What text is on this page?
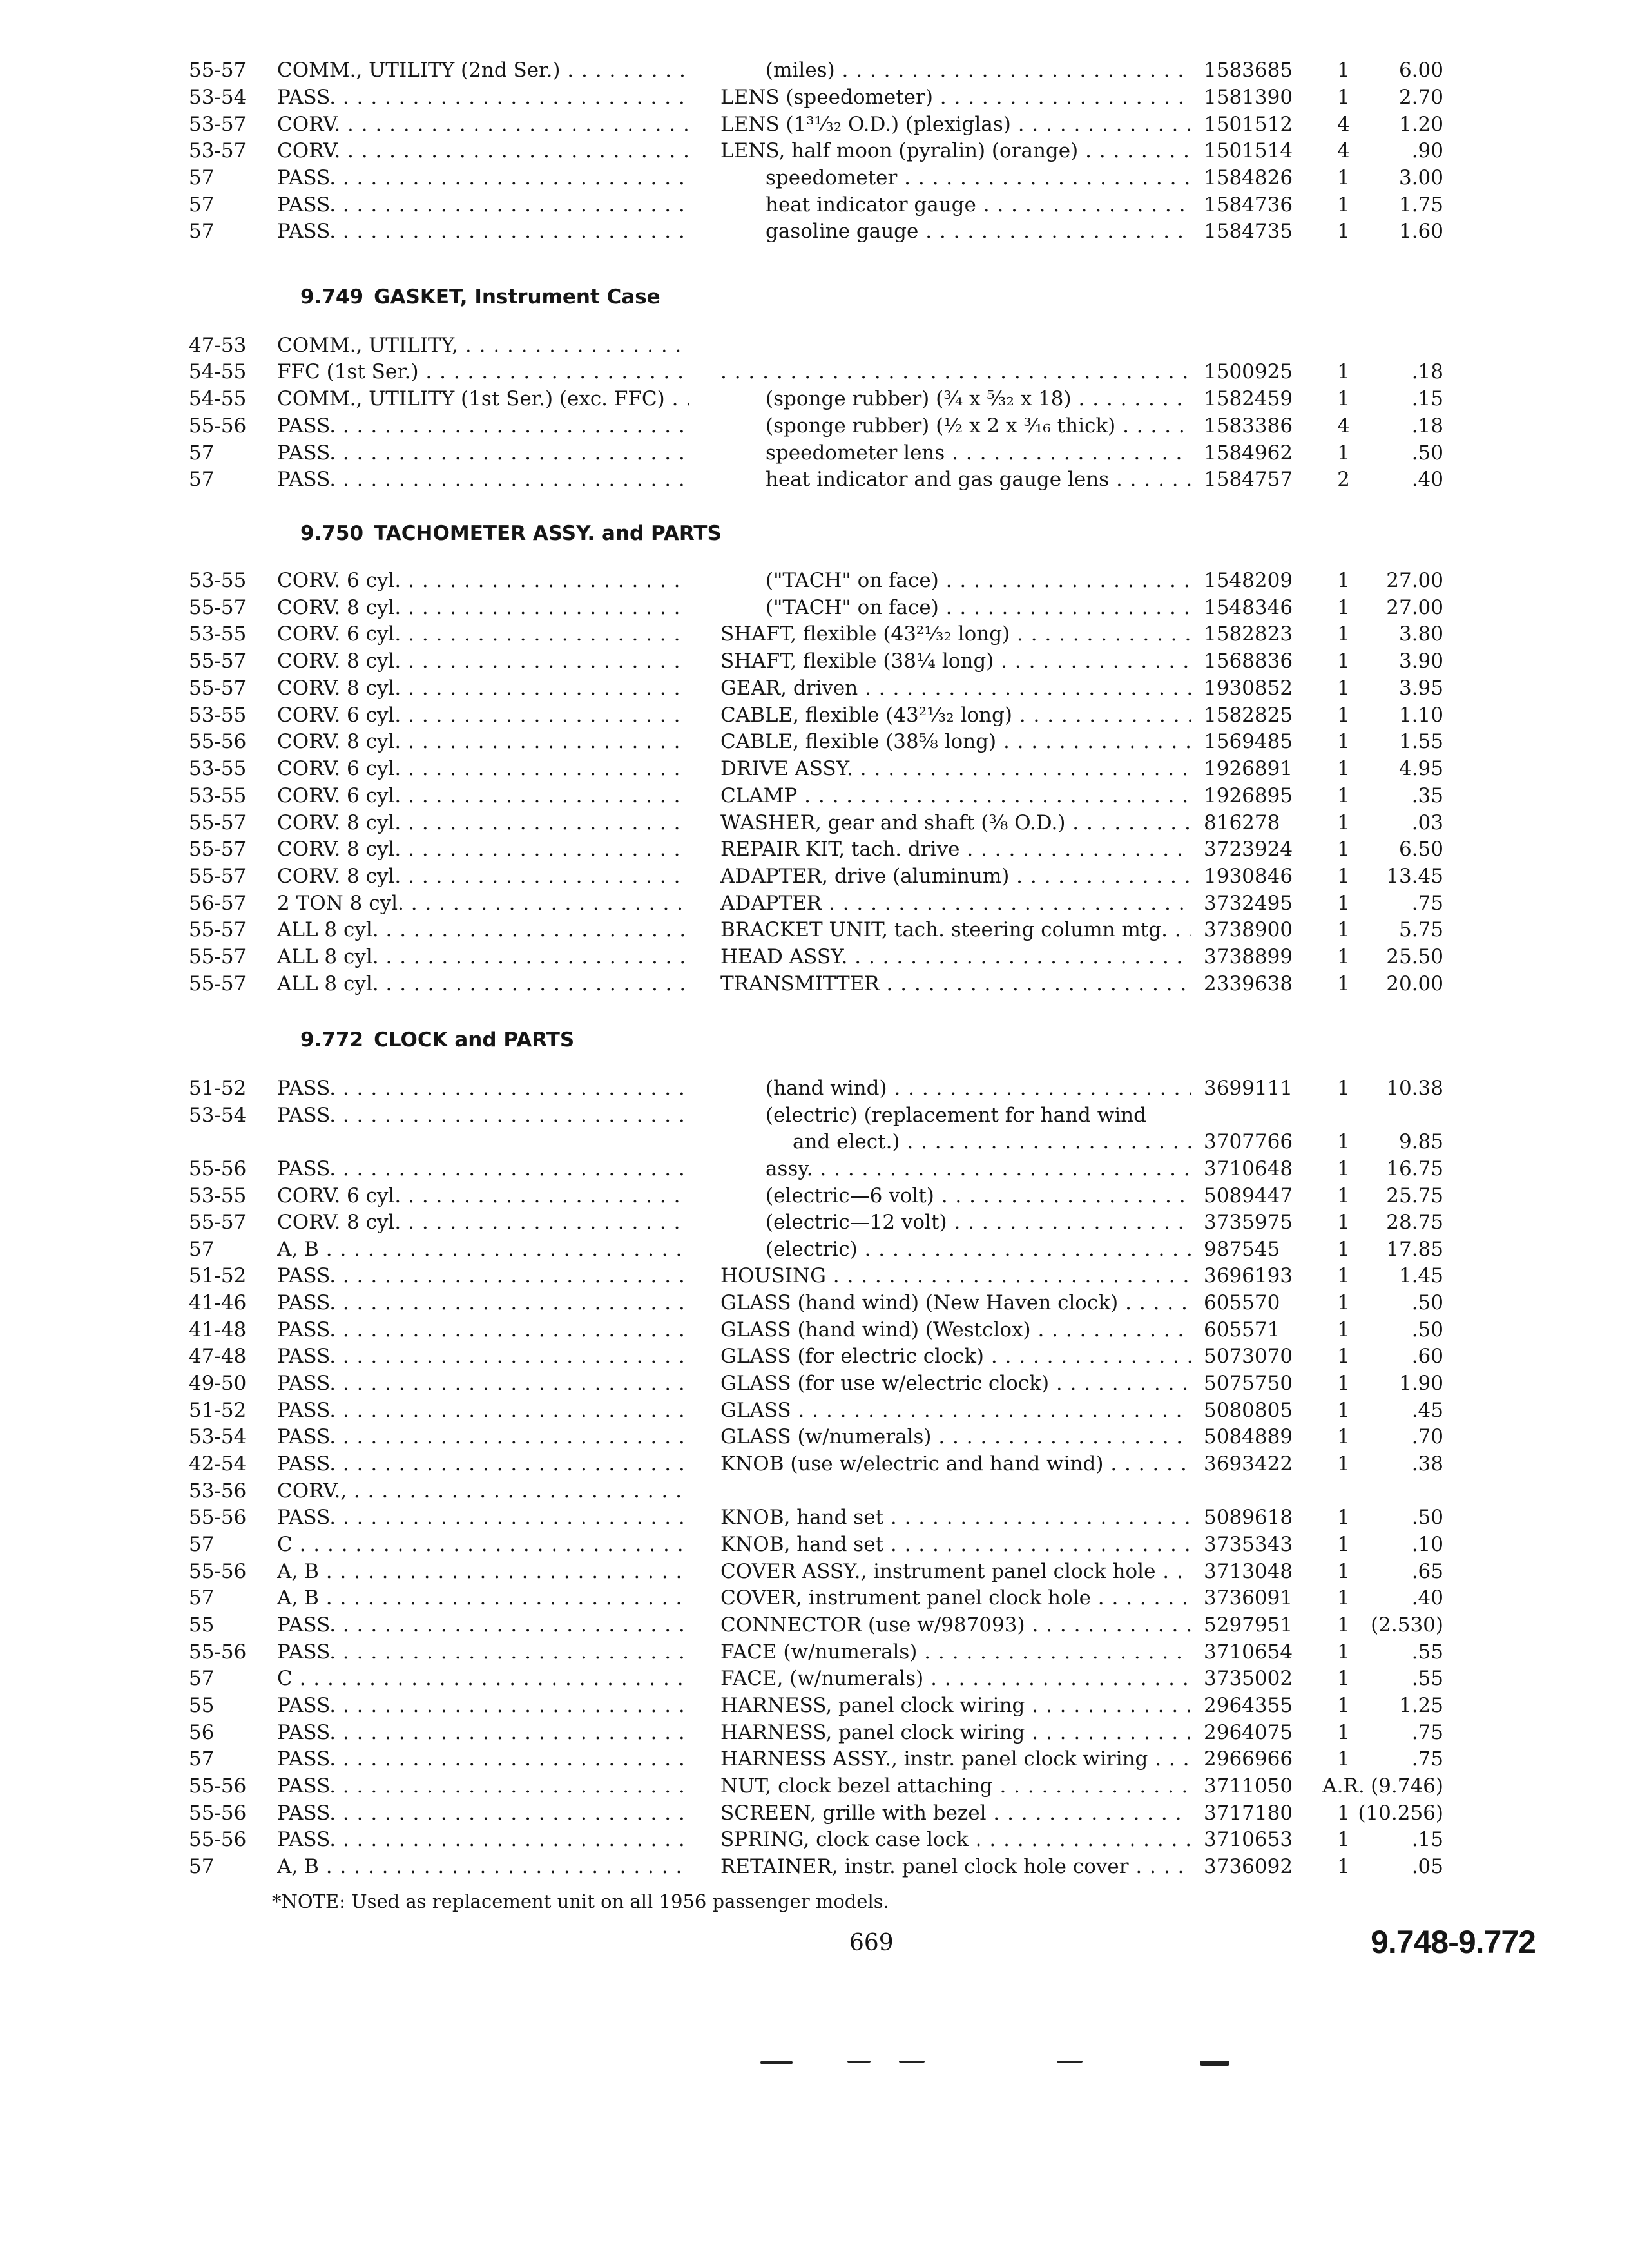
55-57	COMM., UTILITY (2nd Ser.) . . .	(miles) . . .	1583685	1	6.00
53-54	PASS. . . .	LENS (speedometer) . . .	1581390	1	2.70
53-57	CORV. . . .	LENS (1³¹⁄₃₂ O.D.) (plexiglas) . . .	1501512	4	1.20
53-57	CORV. . . .	LENS, half moon (pyralin) (orange) . . .	1501514	4	.90
57	PASS. . . .	speedometer . . .	1584826	1	3.00
57	PASS. . . .	heat indicator gauge . . .	1584736	1	1.75
57	PASS. . . .	gasoline gauge . . .	1584735	1	1.60
9.749 GASKET, Instrument Case
47-53	COMM., UTILITY, . . .
54-55	FFC (1st Ser.) . . .
. . .	1500925	1	.18
54-55	COMM., UTILITY (1st Ser.) (exc. FFC) . . .	(sponge rubber) (¾ x ⁵⁄₃₂ x 18) . . .	1582459	1	.15
55-56	PASS. . . .	(sponge rubber) (½ x 2 x ³⁄₁₆ thick) . . .	1583386	4	.18
57	PASS. . . .	speedometer lens . . .	1584962	1	.50
57	PASS. . . .	heat indicator and gas gauge lens . . .	1584757	2	.40
9.750 TACHOMETER ASSY. and PARTS
53-55	CORV. 6 cyl. . . .	("TACH" on face) . . .	1548209	1	27.00
55-57	CORV. 8 cyl. . . .	("TACH" on face) . . .	1548346	1	27.00
53-55	CORV. 6 cyl. . . .	SHAFT, flexible (43²¹⁄₃₂ long) . . .	1582823	1	3.80
55-57	CORV. 8 cyl. . . .	SHAFT, flexible (38¼ long) . . .	1568836	1	3.90
55-57	CORV. 8 cyl. . . .	GEAR, driven . . .	1930852	1	3.95
53-55	CORV. 6 cyl. . . .	CABLE, flexible (43²¹⁄₃₂ long) . . .	1582825	1	1.10
55-56	CORV. 8 cyl. . . .	CABLE, flexible (38⅝ long) . . .	1569485	1	1.55
53-55	CORV. 6 cyl. . . .	DRIVE ASSY. . . .	1926891	1	4.95
53-55	CORV. 6 cyl. . . .	CLAMP . . .	1926895	1	.35
55-57	CORV. 8 cyl. . . .	WASHER, gear and shaft (⅜ O.D.) . . .	816278	1	.03
55-57	CORV. 8 cyl. . . .	REPAIR KIT, tach. drive . . .	3723924	1	6.50
55-57	CORV. 8 cyl. . . .	ADAPTER, drive (aluminum) . . .	1930846	1	13.45
56-57	2 TON 8 cyl. . . .	ADAPTER . . .	3732495	1	.75
55-57	ALL 8 cyl. . . .	BRACKET UNIT, tach. steering column mtg. . . .	3738900	1	5.75
55-57	ALL 8 cyl. . . .	HEAD ASSY. . . .	3738899	1	25.50
55-57	ALL 8 cyl. . . .	TRANSMITTER . . .	2339638	1	20.00
9.772 CLOCK and PARTS
51-52	PASS. . . .	(hand wind) . . .	3699111	1	10.38
53-54	PASS. . . .	(electric) (replacement for hand wind
and elect.) . . .	3707766	1	9.85
55-56	PASS. . . .	assy. . . .	3710648	1	16.75
53-55	CORV. 6 cyl. . . .	(electric—6 volt) . . .	5089447	1	25.75
55-57	CORV. 8 cyl. . . .	(electric—12 volt) . . .	3735975	1	28.75
57	A, B . . .	(electric) . . .	987545	1	17.85
51-52	PASS. . . .	HOUSING . . .	3696193	1	1.45
41-46	PASS. . . .	GLASS (hand wind) (New Haven clock) . . .	605570	1	.50
41-48	PASS. . . .	GLASS (hand wind) (Westclox) . . .	605571	1	.50
47-48	PASS. . . .	GLASS (for electric clock) . . .	5073070	1	.60
49-50	PASS. . . .	GLASS (for use w/electric clock) . . .	5075750	1	1.90
51-52	PASS. . . .	GLASS . . .	5080805	1	.45
53-54	PASS. . . .	GLASS (w/numerals) . . .	5084889	1	.70
42-54	PASS. . . .	KNOB (use w/electric and hand wind) . . .	3693422	1	.38
53-56	CORV., . . .
55-56	PASS. . . .	KNOB, hand set . . .	5089618	1	.50
57	C . . .	KNOB, hand set . . .	3735343	1	.10
55-56	A, B . . .	COVER ASSY., instrument panel clock hole . . .	3713048	1	.65
57	A, B . . .	COVER, instrument panel clock hole . . .	3736091	1	.40
55	PASS. . . .	CONNECTOR (use w/987093) . . .	5297951	1	(2.530)
55-56	PASS. . . .	FACE (w/numerals) . . .	3710654	1	.55
57	C . . .	FACE, (w/numerals) . . .	3735002	1	.55
55	PASS. . . .	HARNESS, panel clock wiring . . .	2964355	1	1.25
56	PASS. . . .	HARNESS, panel clock wiring . . .	2964075	1	.75
57	PASS. . . .	HARNESS ASSY., instr. panel clock wiring . . .	2966966	1	.75
55-56	PASS. . . .	NUT, clock bezel attaching . . .	3711050	A.R. (9.746)
55-56	PASS. . . .	SCREEN, grille with bezel . . .	3717180	1 (10.256)
55-56	PASS. . . .	SPRING, clock case lock . . .	3710653	1	.15
57	A, B . . .	RETAINER, instr. panel clock hole cover . . .	3736092	1	.05
*NOTE: Used as replacement unit on all 1956 passenger models.
669	9.748-9.772
